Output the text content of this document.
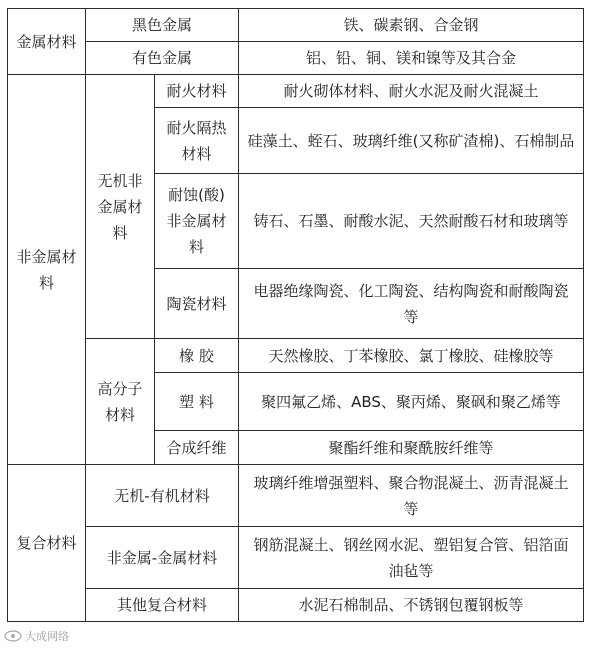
金属材料	黑色金属		铁、碳素钢、合金钢
	有色金属		铝、铅、铜、镁和镍等及其合金
非金属材料	无机非金属材料	耐火材料	耐火砌体材料、耐火水泥及耐火混凝土
		耐火隔热材料	硅藻土、蛭石、玻璃纤维(又称矿渣棉)、石棉制品
		耐蚀(酸)非金属材料	铸石、石墨、耐酸水泥、天然耐酸石材和玻璃等
		陶瓷材料	电器绝缘陶瓷、化工陶瓷、结构陶瓷和耐酸陶瓷等
	高分子材料	橡 胶	天然橡胶、丁苯橡胶、氯丁橡胶、硅橡胶等
		塑 料	聚四氟乙烯、ABS、聚丙烯、聚砜和聚乙烯等
		合成纤维	聚酯纤维和聚酰胺纤维等
复合材料	无机-有机材料		玻璃纤维增强塑料、聚合物混凝土、沥青混凝土等
	非金属-金属材料		钢筋混凝土、钢丝网水泥、塑铝复合管、铝箔面油毡等
	其他复合材料		水泥石棉制品、不锈钢包覆钢板等
大成网络
